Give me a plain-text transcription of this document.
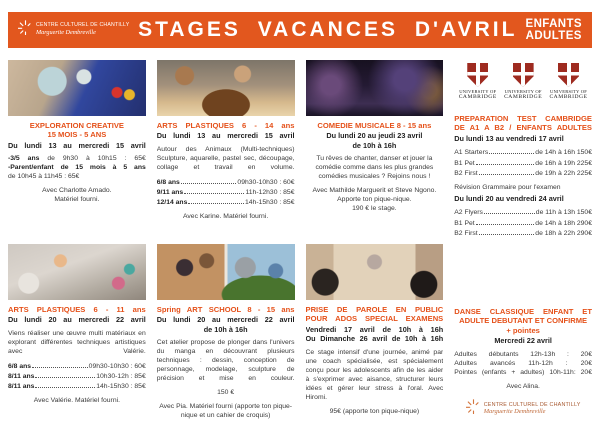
CENTRE CULTUREL DE CHANTILLY
Marguerite Dembreville	STAGES VACANCES D'AVRIL ENFANTS
ADULTES
EXPLORATION CREATIVE
15 MOIS - 5 ANS
Du lundi 13 au mercredi 15 avril
-3/5 ans de 9h30 à 10h15 : 65€
-Parent/enfant de 15 mois à 5 ans
de 10h45 à 11h45 : 65€
Avec Charlotte Amado.
Matériel fourni.
ARTS PLASTIQUES 6 - 14 ans
Du lundi 13 au mercredi 15 avril
Autour des Animaux (Multi-techniques) Sculpture, aquarelle, pastel sec, découpage, collage et travail en volume.
6/8 ans	09h30-10h30 : 60€
9/11 ans	11h-12h30 : 85€
12/14 ans	14h-15h30 : 85€
Avec Karine. Matériel fourni.
COMEDIE MUSICALE 8 - 15 ans
Du lundi 20 au jeudi 23 avril
de 10h à 16h
Tu rêves de chanter, danser et jouer la comédie comme dans les plus grandes comédies musicales ? Rejoins nous !
Avec Mathilde Marguerit et Steve Ngono.
Apporte ton pique-nique.
190 € le stage.
UNIVERSITY OF
CAMBRIDGE
UNIVERSITY OF
CAMBRIDGE
UNIVERSITY OF
CAMBRIDGE
PREPARATION TEST CAMBRIDGE
DE A1 A B2 / ENFANTS ADULTES
Du lundi 13 au vendredi 17 avril
A1 Starters	de 14h à 16h 150€
B1 Pet	de 16h à 19h 225€
B2 First	de 19h à 22h 225€
Révision Grammaire pour l'examen
Du lundi 20 au vendredi 24 avril
A2 Flyers	de 11h à 13h 150€
B1 Pet	de 14h à 18h 290€
B2 First	de 18h à 22h 290€
ARTS PLASTIQUES 6 - 11 ans
Du lundi 20 au mercredi 22 avril
Viens réaliser une œuvre multi matériaux en explorant différentes techniques artistiques avec Valérie.
6/8 ans	09h30-10h30 : 60€
8/11 ans	10h30-12h : 85€
8/11 ans	14h-15h30 : 85€
Avec Valérie. Matériel fourni.
Spring ART SCHOOL 8 - 15 ans
Du lundi 20 au mercredi 22 avril
de 10h à 16h
Cet atelier propose de plonger dans l'univers du manga en découvrant plusieurs techniques : dessin, conception de personnage, modelage, sculpture de précision et mise en couleur.
150 €
Avec Pia. Matériel fourni (apporte ton pique-nique et un cahier de croquis)
PRISE DE PAROLE EN PUBLIC
POUR ADOS SPECIAL EXAMENS
Vendredi 17 avril de 10h à 16h
Ou Dimanche 26 avril de 10h à 16h
Ce stage intensif d'une journée, animé par une coach spécialisée, est spécialement conçu pour les adolescents afin de les aider à s'exprimer avec aisance, structurer leurs idées et gérer leur stress à l'oral. Avec Hiromi.
95€ (apporte ton pique-nique)
DANSE CLASSIQUE ENFANT ET
ADULTE DEBUTANT ET CONFIRME
+ pointes
Mercredi 22 avril
Adultes débutants 12h-13h : 20€
Adultes avancés 11h-12h : 20€
Pointes (enfants + adultes) 10h-11h: 20€
Avec Alina.
CENTRE CULTUREL DE CHANTILLY
Marguerite Dembreville
